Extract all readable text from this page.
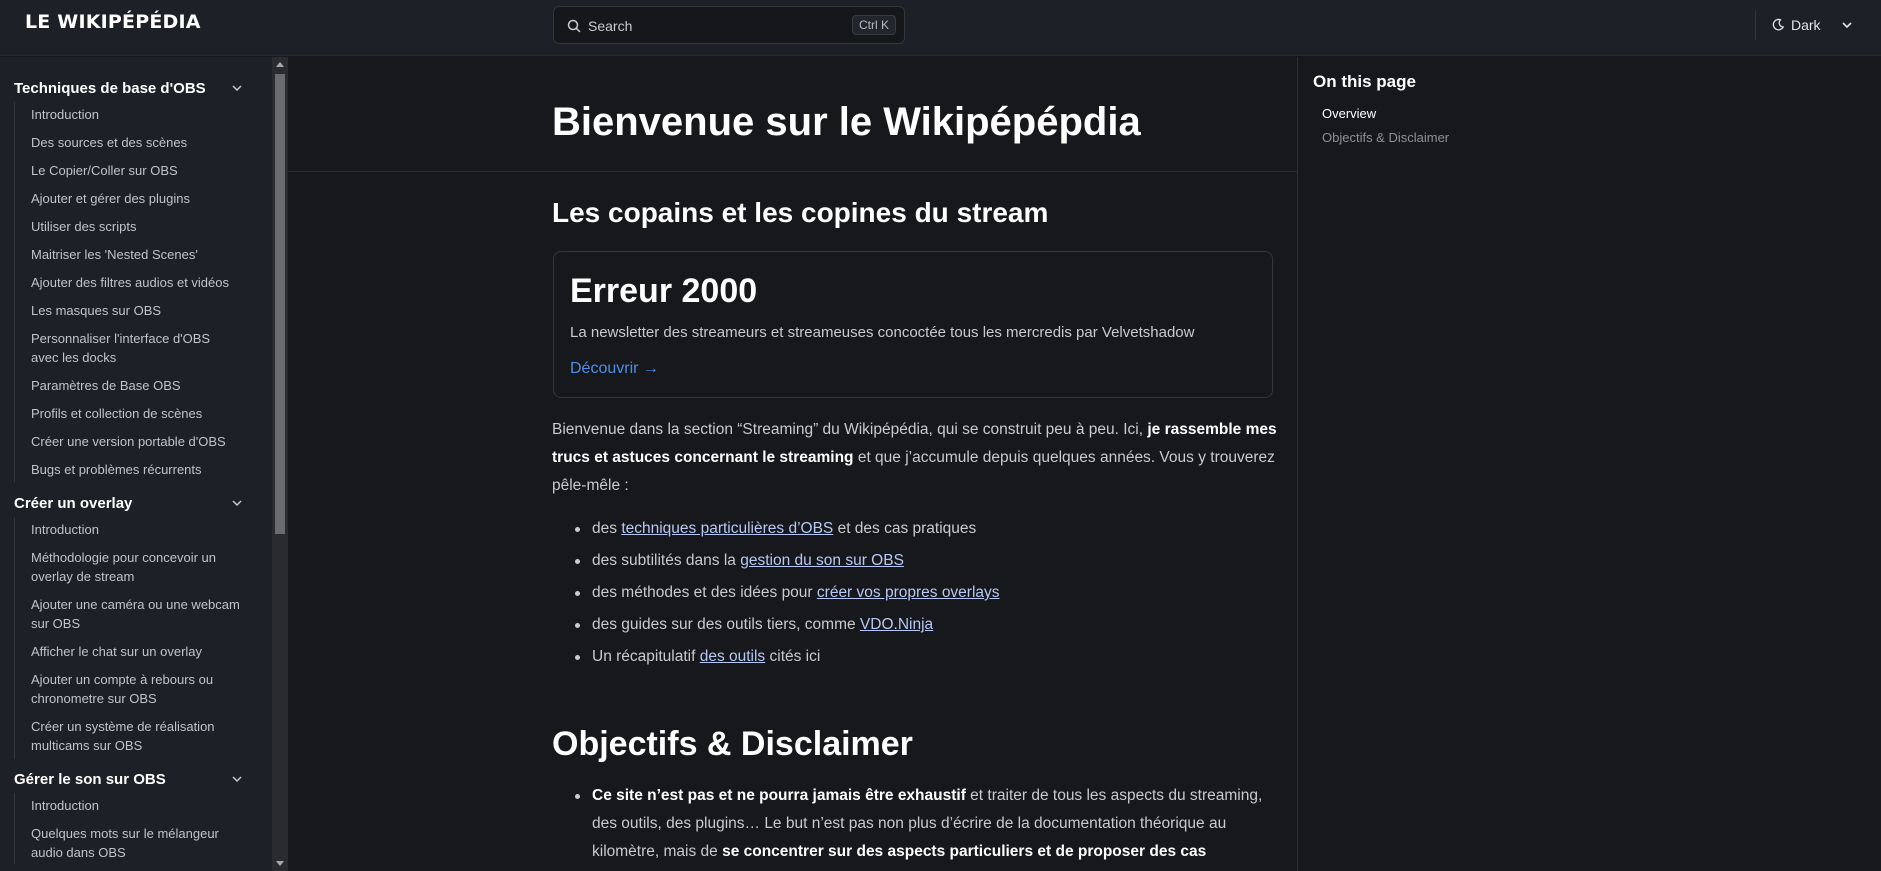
LE WIKIPÉPÉDIA	Search	Ctrl K	Dark
Techniques de base d'OBS
Introduction
Des sources et des scènes
Le Copier/Coller sur OBS
Ajouter et gérer des plugins
Utiliser des scripts
Maitriser les 'Nested Scenes'
Ajouter des filtres audios et vidéos
Les masques sur OBS
Personnaliser l'interface d'OBS avec les docks
Paramètres de Base OBS
Profils et collection de scènes
Créer une version portable d'OBS
Bugs et problèmes récurrents
Créer un overlay
Introduction
Méthodologie pour concevoir un overlay de stream
Ajouter une caméra ou une webcam sur OBS
Afficher le chat sur un overlay
Ajouter un compte à rebours ou chronometre sur OBS
Créer un système de réalisation multicams sur OBS
Gérer le son sur OBS
Introduction
Quelques mots sur le mélangeur audio dans OBS
Bienvenue sur le Wikipépépdia
Les copains et les copines du stream
Erreur 2000
La newsletter des streameurs et streameuses concoctée tous les mercredis par Velvetshadow
Découvrir →

Bienvenue dans la section “Streaming” du Wikipépédia, qui se construit peu à peu. Ici, je rassemble mes trucs et astuces concernant le streaming et que j’accumule depuis quelques années. Vous y trouverez pêle-mêle :

des techniques particulières d’OBS et des cas pratiques
des subtilités dans la gestion du son sur OBS
des méthodes et des idées pour créer vos propres overlays
des guides sur des outils tiers, comme VDO.Ninja
Un récapitulatif des outils cités ici
Objectifs & Disclaimer
Ce site n’est pas et ne pourra jamais être exhaustif et traiter de tous les aspects du streaming, des outils, des plugins… Le but n’est pas non plus d’écrire de la documentation théorique au kilomètre, mais de se concentrer sur des aspects particuliers et de proposer des cas
On this page
Overview
Objectifs & Disclaimer
